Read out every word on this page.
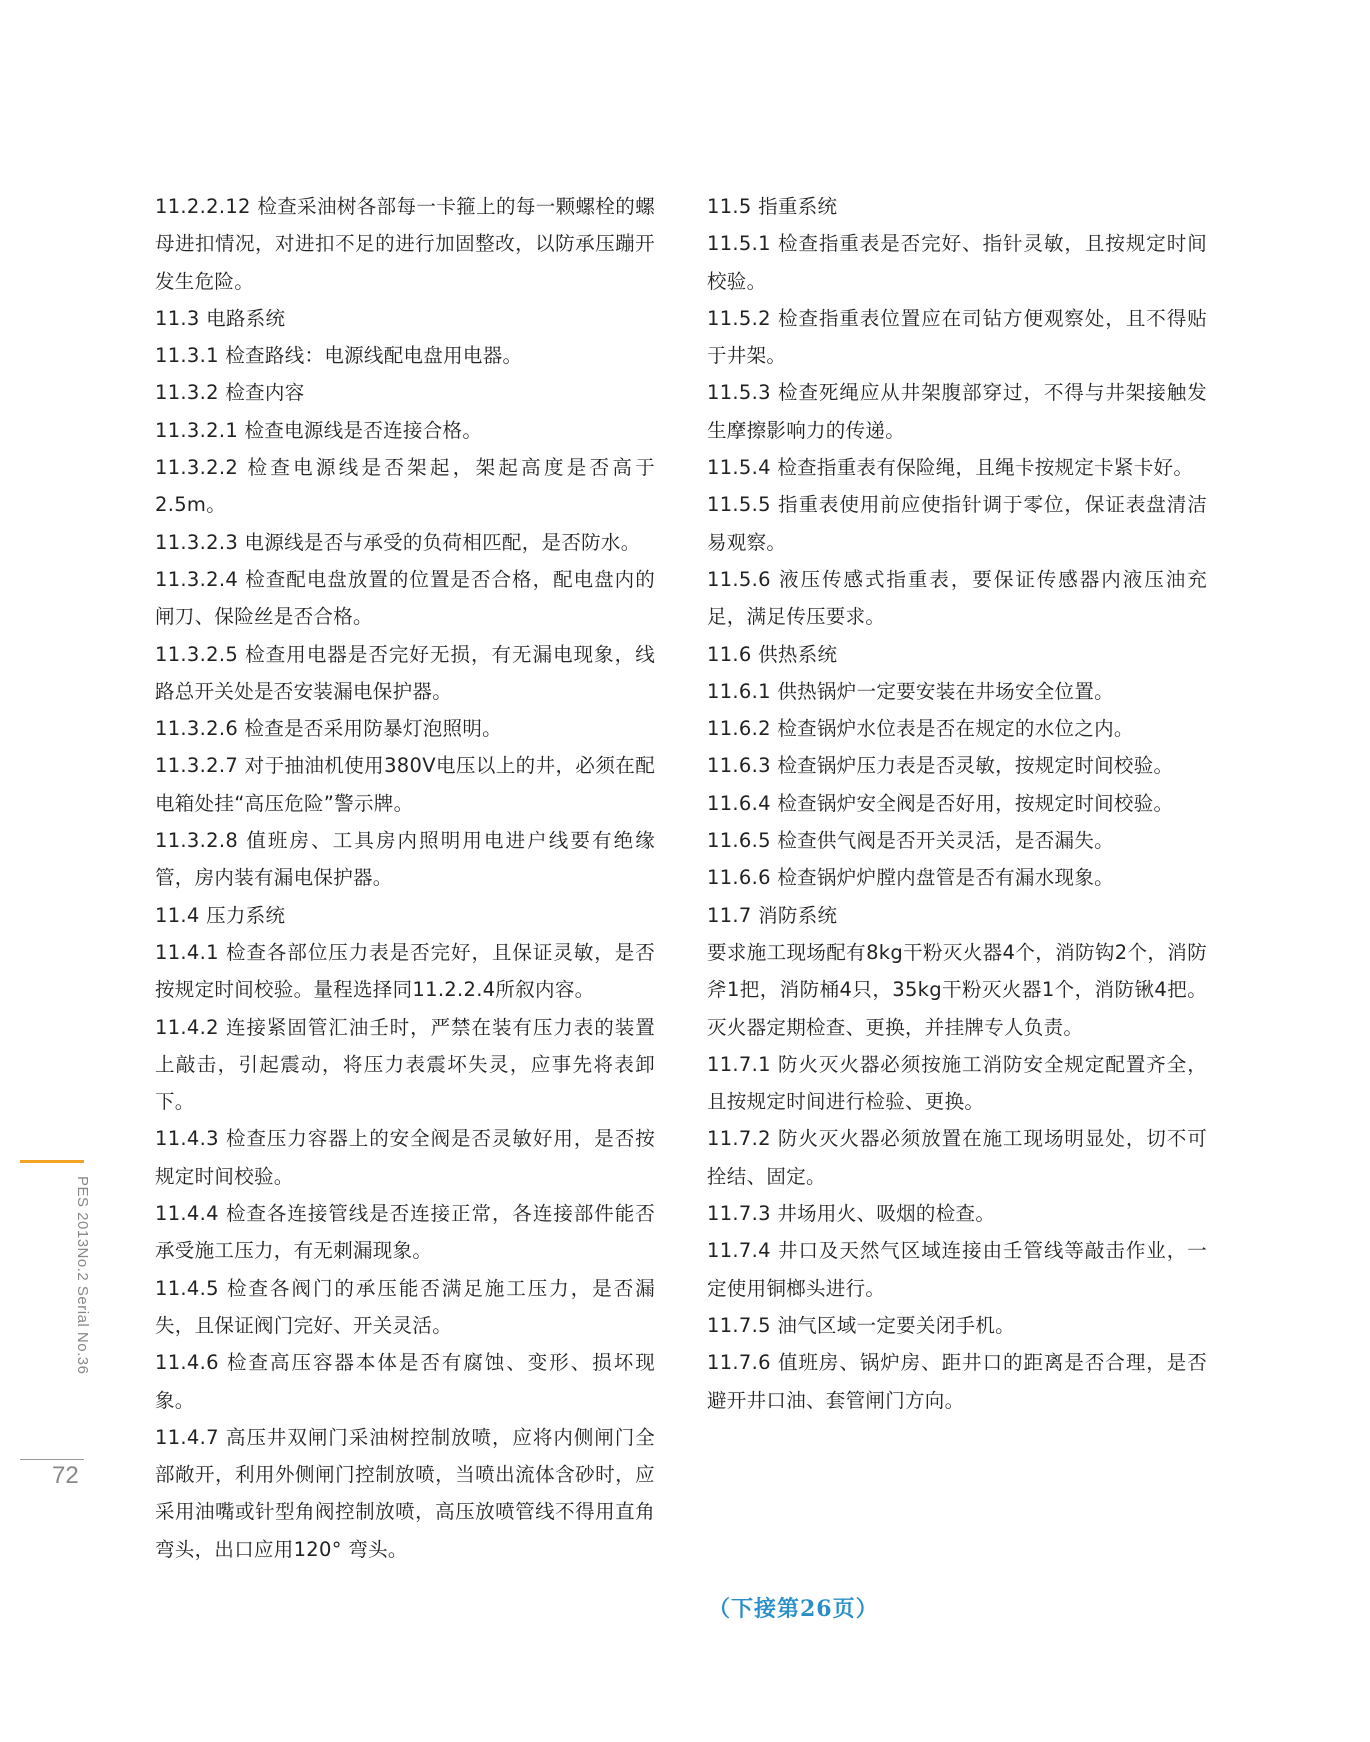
11.2.2.12 检查采油树各部每一卡箍上的每一颗螺栓的螺母进扣情况，对进扣不足的进行加固整改，以防承压蹦开发生危险。

11.3 电路系统

11.3.1 检查路线：电源线配电盘用电器。

11.3.2 检查内容

11.3.2.1 检查电源线是否连接合格。

11.3.2.2 检查电源线是否架起，架起高度是否高于2.5m。

11.3.2.3 电源线是否与承受的负荷相匹配，是否防水。

11.3.2.4 检查配电盘放置的位置是否合格，配电盘内的闸刀、保险丝是否合格。

11.3.2.5 检查用电器是否完好无损，有无漏电现象，线路总开关处是否安装漏电保护器。

11.3.2.6 检查是否采用防暴灯泡照明。

11.3.2.7 对于抽油机使用380V电压以上的井，必须在配电箱处挂“高压危险”警示牌。

11.3.2.8 值班房、工具房内照明用电进户线要有绝缘管，房内装有漏电保护器。

11.4 压力系统

11.4.1 检查各部位压力表是否完好，且保证灵敏，是否按规定时间校验。量程选择同11.2.2.4所叙内容。

11.4.2 连接紧固管汇油壬时，严禁在装有压力表的装置上敲击，引起震动，将压力表震坏失灵，应事先将表卸下。

11.4.3 检查压力容器上的安全阀是否灵敏好用，是否按规定时间校验。

11.4.4 检查各连接管线是否连接正常，各连接部件能否承受施工压力，有无刺漏现象。

11.4.5 检查各阀门的承压能否满足施工压力，是否漏失，且保证阀门完好、开关灵活。

11.4.6 检查高压容器本体是否有腐蚀、变形、损坏现象。

11.4.7 高压井双闸门采油树控制放喷，应将内侧闸门全部敞开，利用外侧闸门控制放喷，当喷出流体含砂时，应采用油嘴或针型角阀控制放喷，高压放喷管线不得用直角弯头，出口应用120° 弯头。

11.5 指重系统

11.5.1 检查指重表是否完好、指针灵敏，且按规定时间校验。

11.5.2 检查指重表位置应在司钻方便观察处，且不得贴于井架。

11.5.3 检查死绳应从井架腹部穿过，不得与井架接触发生摩擦影响力的传递。

11.5.4 检查指重表有保险绳，且绳卡按规定卡紧卡好。

11.5.5 指重表使用前应使指针调于零位，保证表盘清洁易观察。

11.5.6 液压传感式指重表，要保证传感器内液压油充足，满足传压要求。

11.6 供热系统

11.6.1 供热锅炉一定要安装在井场安全位置。

11.6.2 检查锅炉水位表是否在规定的水位之内。

11.6.3 检查锅炉压力表是否灵敏，按规定时间校验。

11.6.4 检查锅炉安全阀是否好用，按规定时间校验。

11.6.5 检查供气阀是否开关灵活，是否漏失。

11.6.6 检查锅炉炉膛内盘管是否有漏水现象。

11.7 消防系统

要求施工现场配有8kg干粉灭火器4个，消防钩2个，消防斧1把，消防桶4只，35kg干粉灭火器1个，消防锹4把。灭火器定期检查、更换，并挂牌专人负责。

11.7.1 防火灭火器必须按施工消防安全规定配置齐全，且按规定时间进行检验、更换。

11.7.2 防火灭火器必须放置在施工现场明显处，切不可拴结、固定。

11.7.3 井场用火、吸烟的检查。

11.7.4 井口及天然气区域连接由壬管线等敲击作业，一定使用铜榔头进行。

11.7.5 油气区域一定要关闭手机。

11.7.6 值班房、锅炉房、距井口的距离是否合理，是否避开井口油、套管闸门方向。

（下接第26页）
PES 2013No.2 Serial No.36
72
